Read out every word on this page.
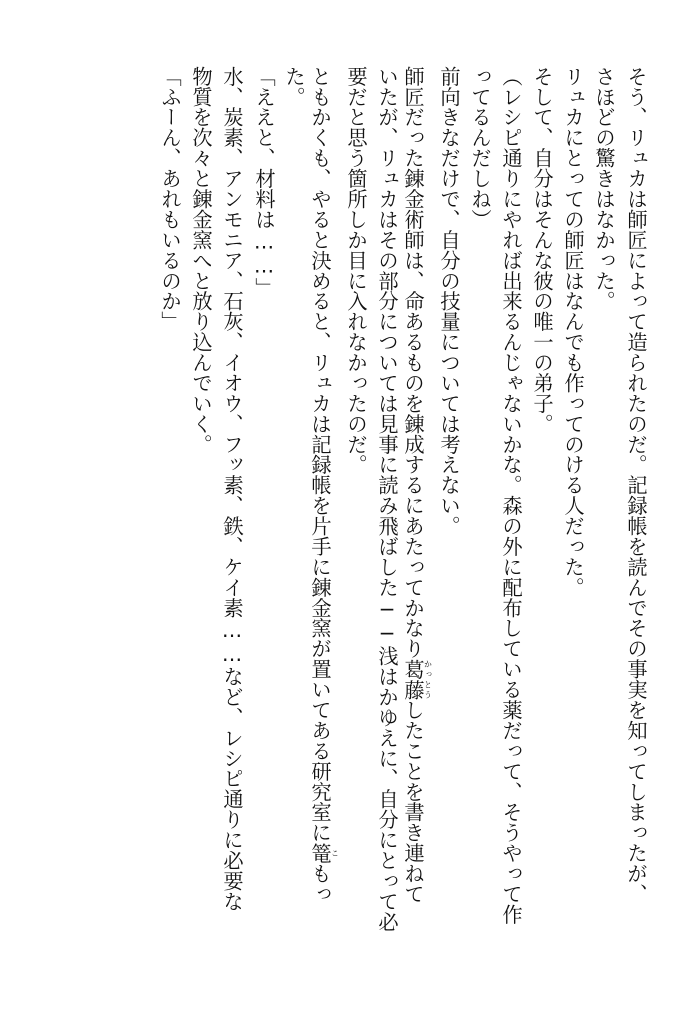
そう、リュカは師匠によって造られたのだ。記録帳を読んでその事実を知ってしまったが、
さほどの驚きはなかった。
リュカにとっての師匠はなんでも作ってのける人だった。
そして、自分はそんな彼の唯一の弟子。
（レシピ通りにやれば出来るんじゃないかな。森の外に配布している薬だって、そうやって作
ってるんだしね）
前向きなだけで、自分の技量については考えない。
師匠だった錬金術師は、命あるものを錬成するにあたってかなり葛藤かっとうしたことを書き連ねて
いたが、リュカはその部分については見事に読み飛ばした──浅はかゆえに、自分にとって必
要だと思う箇所しか目に入れなかったのだ。
ともかくも、やると決めると、リュカは記録帳を片手に錬金窯が置いてある研究室に篭こもっ
た。
「ええと、材料は……」
水、炭素、アンモニア、石灰、イオウ、フッ素、鉄、ケイ素……など、レシピ通りに必要な
物質を次々と錬金窯へと放り込んでいく。
「ふーん、あれもいるのか」
